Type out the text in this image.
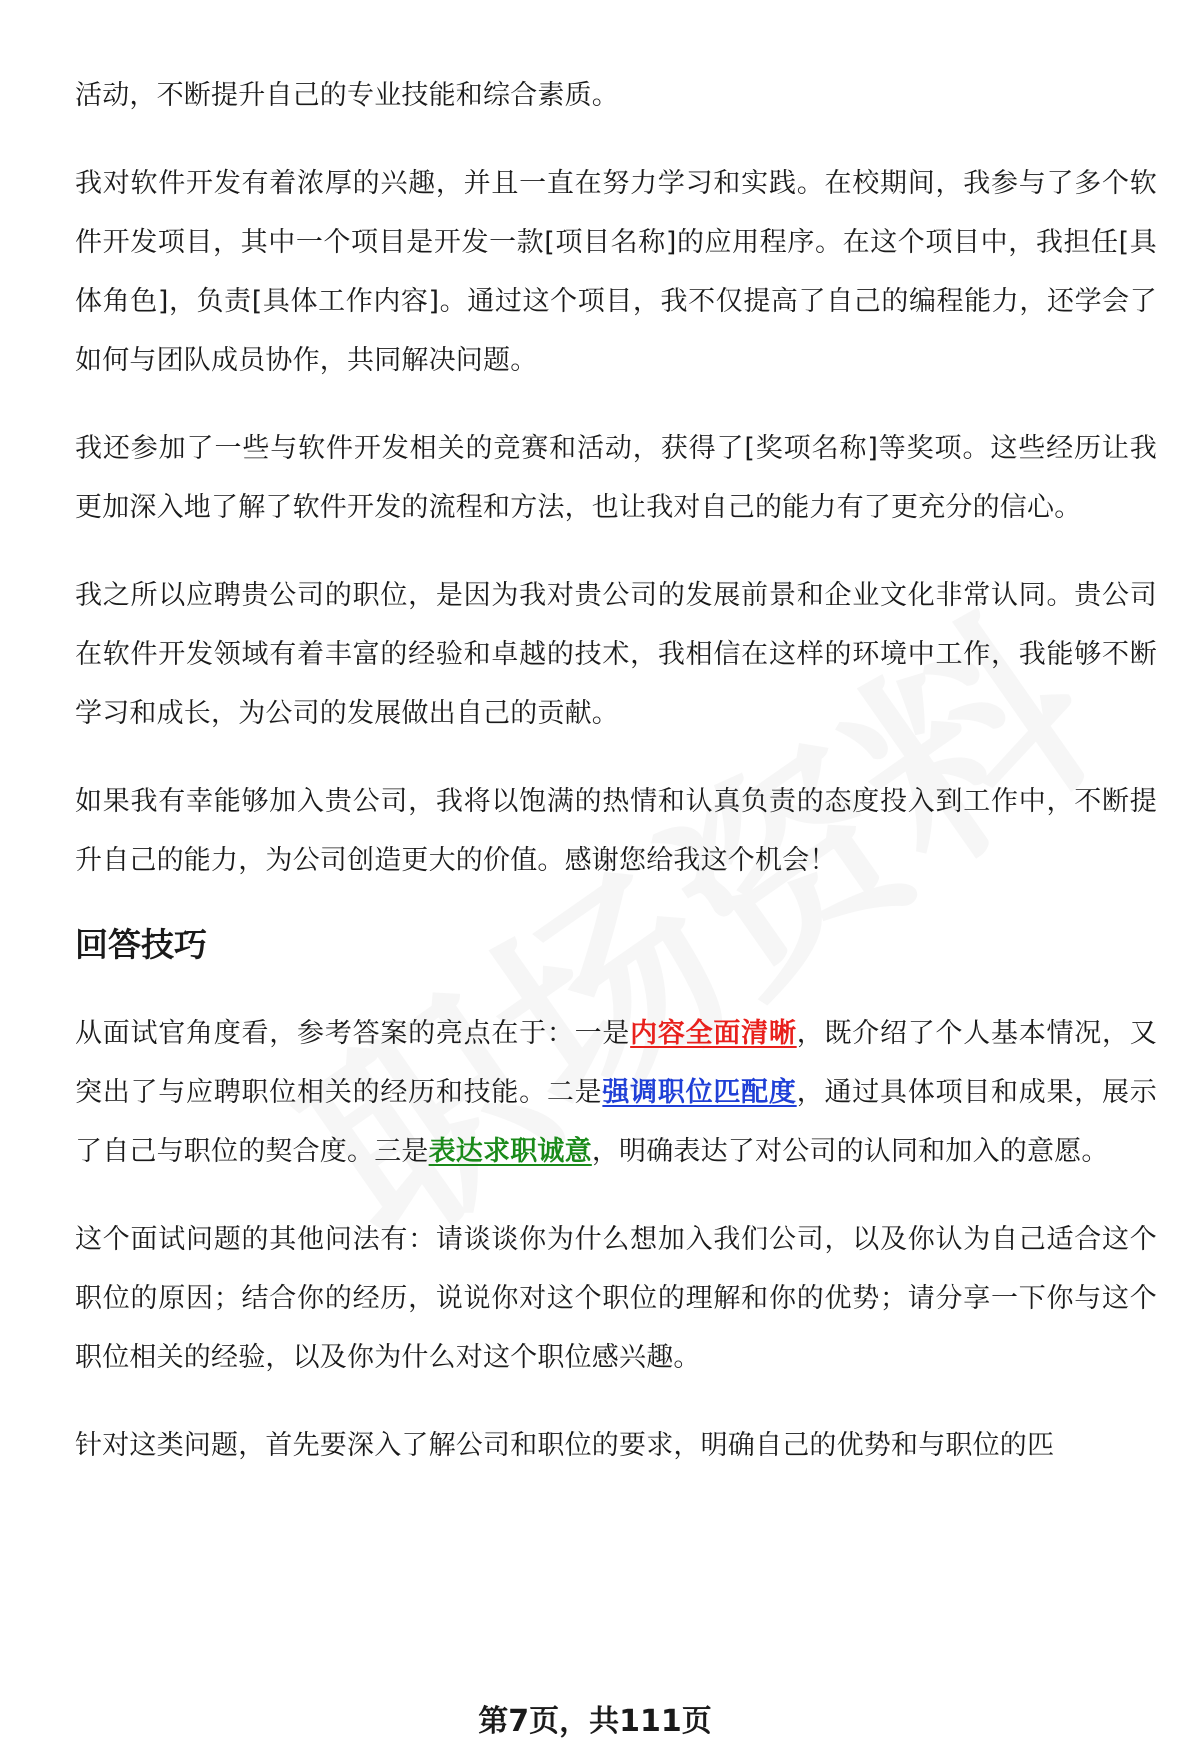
活动，不断提升自己的专业技能和综合素质。

我对软件开发有着浓厚的兴趣，并且一直在努力学习和实践。在校期间，我参与了多个软件开发项目，其中一个项目是开发一款[项目名称]的应用程序。在这个项目中，我担任[具体角色]，负责[具体工作内容]。通过这个项目，我不仅提高了自己的编程能力，还学会了如何与团队成员协作，共同解决问题。

我还参加了一些与软件开发相关的竞赛和活动，获得了[奖项名称]等奖项。这些经历让我更加深入地了解了软件开发的流程和方法，也让我对自己的能力有了更充分的信心。

我之所以应聘贵公司的职位，是因为我对贵公司的发展前景和企业文化非常认同。贵公司在软件开发领域有着丰富的经验和卓越的技术，我相信在这样的环境中工作，我能够不断学习和成长，为公司的发展做出自己的贡献。

如果我有幸能够加入贵公司，我将以饱满的热情和认真负责的态度投入到工作中，不断提升自己的能力，为公司创造更大的价值。感谢您给我这个机会！

回答技巧

从面试官角度看，参考答案的亮点在于：一是内容全面清晰，既介绍了个人基本情况，又突出了与应聘职位相关的经历和技能。二是强调职位匹配度，通过具体项目和成果，展示了自己与职位的契合度。三是表达求职诚意，明确表达了对公司的认同和加入的意愿。

这个面试问题的其他问法有：请谈谈你为什么想加入我们公司，以及你认为自己适合这个职位的原因；结合你的经历，说说你对这个职位的理解和你的优势；请分享一下你与这个职位相关的经验，以及你为什么对这个职位感兴趣。

针对这类问题，首先要深入了解公司和职位的要求，明确自己的优势和与职位的匹

第7页，共111页
